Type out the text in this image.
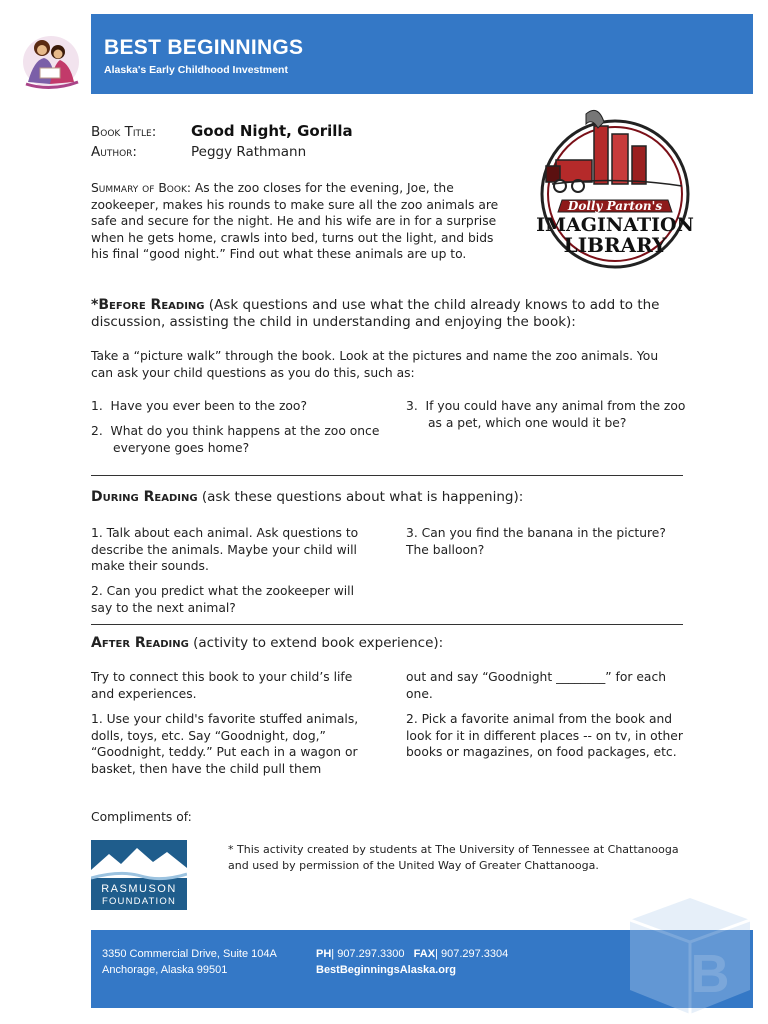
BEST BEGINNINGS
Alaska's Early Childhood Investment
Book Title: Good Night, Gorilla
Author:	Peggy Rathmann
Summary of Book: As the zoo closes for the evening, Joe, the zookeeper, makes his rounds to make sure all the zoo animals are safe and secure for the night. He and his wife are in for a surprise when he gets home, crawls into bed, turns out the light, and bids his final “good night.” Find out what these animals are up to.
Dolly Parton's
IMAGINATION
LIBRARY
*Before Reading (Ask questions and use what the child already knows to add to the discussion, assisting the child in understanding and enjoying the book):
Take a “picture walk” through the book. Look at the pictures and name the zoo animals. You can ask your child questions as you do this, such as:
1.  Have you ever been to the zoo?
2.  What do you think happens at the zoo once everyone goes home?
3.  If you could have any animal from the zoo as a pet, which one would it be?
During Reading (ask these questions about what is happening):
1. Talk about each animal. Ask questions to describe the animals. Maybe your child will make their sounds.
2. Can you predict what the zookeeper will say to the next animal?
3. Can you find the banana in the picture? The balloon?
After Reading (activity to extend book experience):
Try to connect this book to your child’s life and experiences.
1. Use your child's favorite stuffed animals, dolls, toys, etc. Say “Goodnight, dog,” “Goodnight, teddy.” Put each in a wagon or basket, then have the child pull them
out and say “Goodnight ________” for each one.
2. Pick a favorite animal from the book and look for it in different places -- on tv, in other books or magazines, on food packages, etc.
Compliments of:
* This activity created by students at The University of Tennessee at Chattanooga and used by permission of the United Way of Greater Chattanooga.
RASMUSON
FOUNDATION
B
3350 Commercial Drive, Suite 104A
Anchorage, Alaska 99501
PH| 907.297.3300 FAX| 907.297.3304
BestBeginningsAlaska.org
